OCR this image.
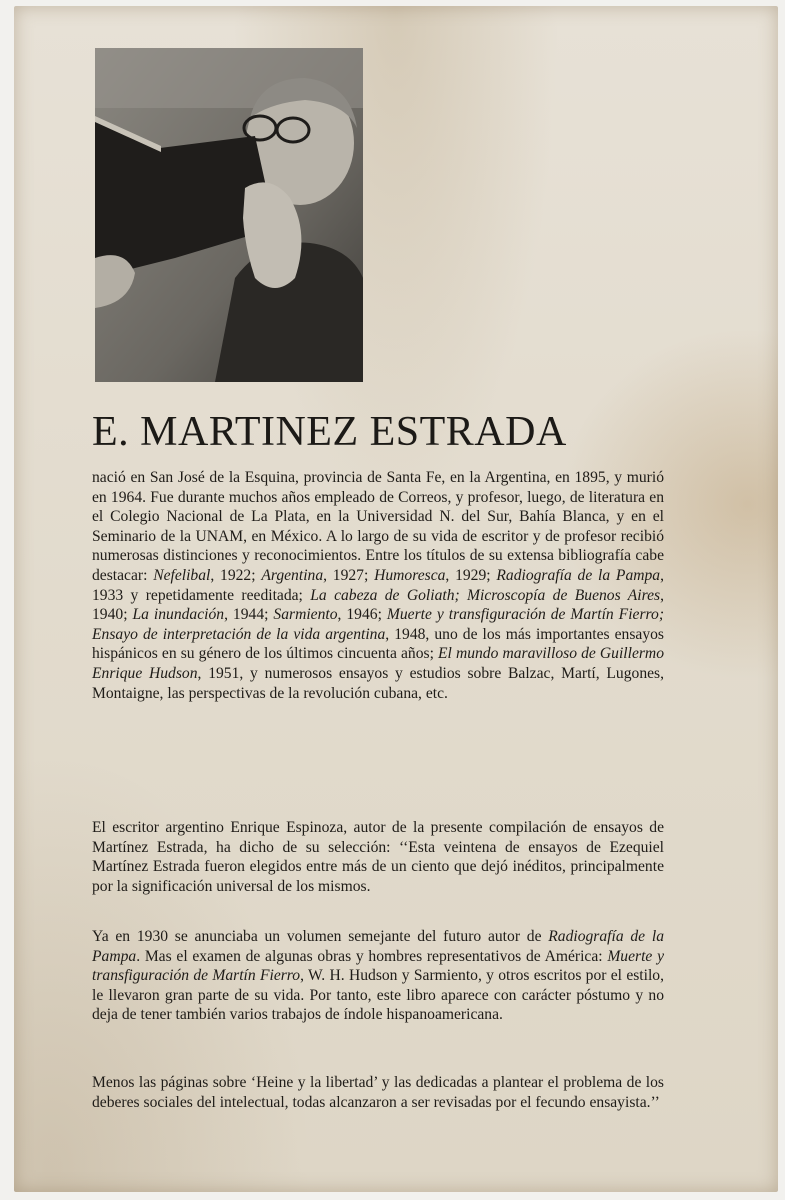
E. MARTINEZ ESTRADA

nació en San José de la Esquina, provincia de Santa Fe, en la Argentina, en 1895, y murió en 1964. Fue durante muchos años empleado de Correos, y profesor, luego, de literatura en el Colegio Nacional de La Plata, en la Universidad N. del Sur, Bahía Blanca, y en el Seminario de la UNAM, en México. A lo largo de su vida de escritor y de profesor recibió numerosas distinciones y reconocimientos. Entre los títulos de su extensa bibliografía cabe destacar: Nefelibal, 1922; Argentina, 1927; Humoresca, 1929; Radiografía de la Pampa, 1933 y repetidamente reeditada; La cabeza de Goliath; Microscopía de Buenos Aires, 1940; La inundación, 1944; Sarmiento, 1946; Muerte y transfiguración de Martín Fierro; Ensayo de interpretación de la vida argentina, 1948, uno de los más importantes ensayos hispánicos en su género de los últimos cincuenta años; El mundo maravilloso de Guillermo Enrique Hudson, 1951, y numerosos ensayos y estudios sobre Balzac, Martí, Lugones, Montaigne, las perspectivas de la revolución cubana, etc.

El escritor argentino Enrique Espinoza, autor de la presente compilación de ensayos de Martínez Estrada, ha dicho de su selección: ‘‘Esta veintena de ensayos de Ezequiel Martínez Estrada fueron elegidos entre más de un ciento que dejó inéditos, principalmente por la significación universal de los mismos.

Ya en 1930 se anunciaba un volumen semejante del futuro autor de Radiografía de la Pampa. Mas el examen de algunas obras y hombres representativos de América: Muerte y transfiguración de Martín Fierro, W. H. Hudson y Sarmiento, y otros escritos por el estilo, le llevaron gran parte de su vida. Por tanto, este libro aparece con carácter póstumo y no deja de tener también varios trabajos de índole hispanoamericana.

Menos las páginas sobre ‘Heine y la libertad’ y las dedicadas a plantear el problema de los deberes sociales del intelectual, todas alcanzaron a ser revisadas por el fecundo ensayista.’’
